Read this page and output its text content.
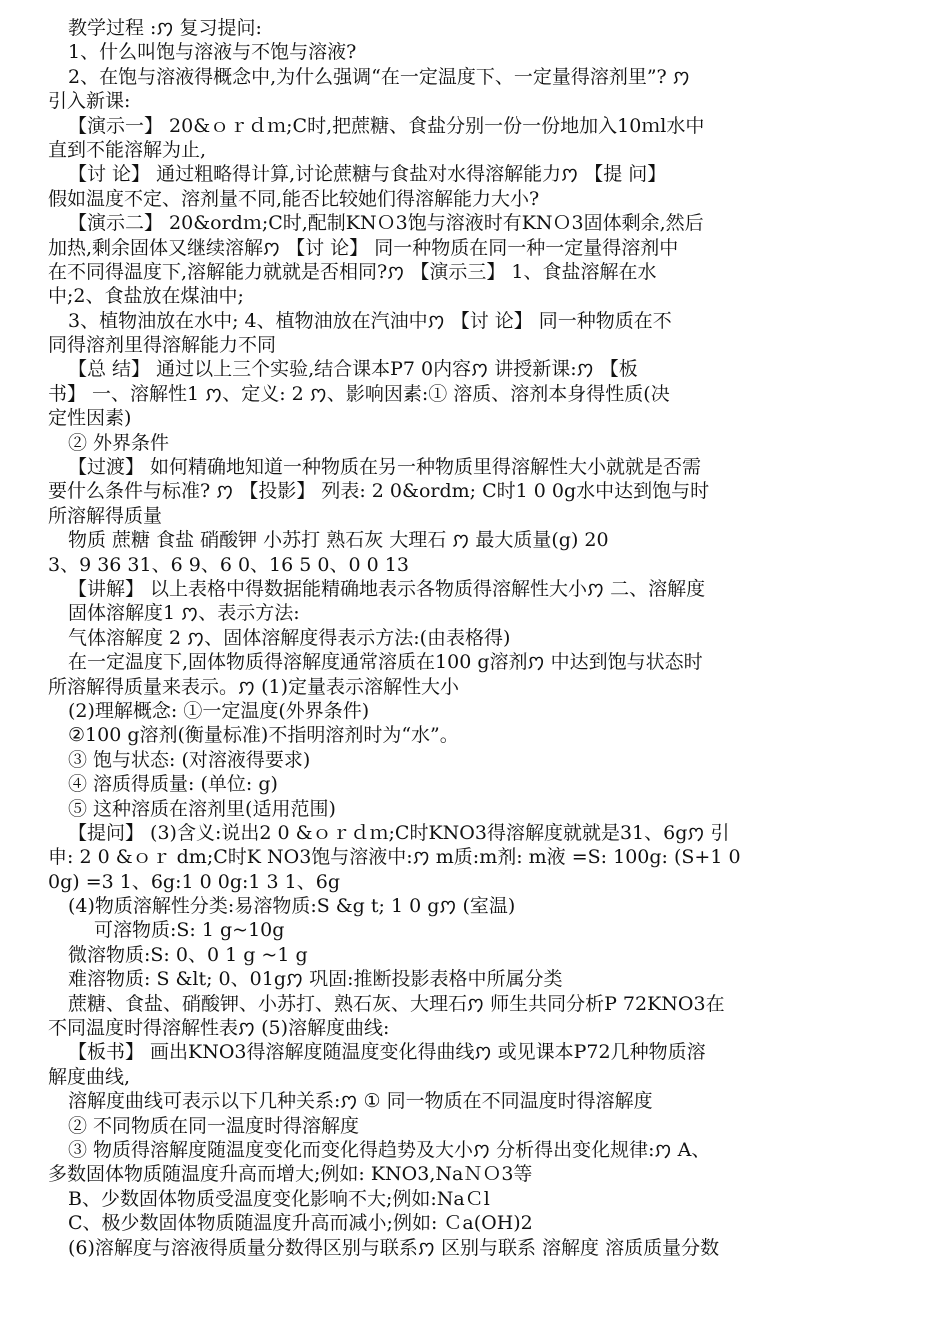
教学过程 :ꩀ 复习提问:
1、什么叫饱与溶液与不饱与溶液?
2、在饱与溶液得概念中,为什么强调“在一定温度下、一定量得溶剂里”? ꩀ
引入新课:
【演示一】 20&ｏｒｄｍ;C时,把蔗糖、食盐分别一份一份地加入10ｍl水中
直到不能溶解为止,
【讨 论】 通过粗略得计算,讨论蔗糖与食盐对水得溶解能力ꩀ 【提 问】
假如温度不定、溶剂量不同,能否比较她们得溶解能力大小?
【演示二】 20&ordｍ;C时,配制KNＯ3饱与溶液时有KNＯ3固体剩余,然后
加热,剩余固体又继续溶解ꩀ 【讨 论】 同一种物质在同一种一定量得溶剂中
在不同得温度下,溶解能力就就是否相同?ꩀ 【演示三】 1、食盐溶解在水
中;2、食盐放在煤油中;
3、植物油放在水中; 4、植物油放在汽油中ꩀ 【讨 论】 同一种物质在不
同得溶剂里得溶解能力不同
【总 结】 通过以上三个实验,结合课本P7 0内容ꩀ 讲授新课:ꩀ 【板
书】 一、溶解性1 ꩀ、定义: 2 ꩀ、影响因素:① 溶质、溶剂本身得性质(决
定性因素)
② 外界条件
【过渡】 如何精确地知道一种物质在另一种物质里得溶解性大小就就是否需
要什么条件与标准? ꩀ 【投影】 列表: 2 0&ordm; C时1 0 0g水中达到饱与时
所溶解得质量
物质 蔗糖 食盐 硝酸钾 小苏打 熟石灰 大理石 ꩀ 最大质量(g) 20
3、9 36 31、6 9、6 0、16 5 0、0 0 13
【讲解】 以上表格中得数据能精确地表示各物质得溶解性大小ꩀ 二、溶解度
固体溶解度1 ꩀ、表示方法:
气体溶解度 2 ꩀ、固体溶解度得表示方法:(由表格得)
在一定温度下,固体物质得溶解度通常溶质在100 g溶剂ꩀ 中达到饱与状态时
所溶解得质量来表示。ꩀ (1)定量表示溶解性大小
(2)理解概念: ①一定温度(外界条件)
②100 g溶剂(衡量标准)不指明溶剂时为“水”。
③ 饱与状态: (对溶液得要求)
④ 溶质得质量: (单位: g)
⑤ 这种溶质在溶剂里(适用范围)
【提问】 (3)含义:说出2 0 &ｏｒｄｍ;C时KNO3得溶解度就就是31、6gꩀ 引
申: 2 0 &ｏｒ dm;C时K NO3饱与溶液中:ꩀ m质:m剂: m液 =S: 100g: (S+1 0
0g) =3 1、6g:1 0 0g:1 3 1、6g
(4)物质溶解性分类:易溶物质:S &g t; 1 0 gꩀ (室温)
可溶物质:S: 1 g~10g
微溶物质:S: 0、0 1 g ~1 g
难溶物质: S &lt; 0、01gꩀ 巩固:推断投影表格中所属分类
蔗糖、食盐、硝酸钾、小苏打、熟石灰、大理石ꩀ 师生共同分析P 72KNO3在
不同温度时得溶解性表ꩀ (5)溶解度曲线:
【板书】 画出KNO3得溶解度随温度变化得曲线ꩀ 或见课本P72几种物质溶
解度曲线,
溶解度曲线可表示以下几种关系:ꩀ ① 同一物质在不同温度时得溶解度
② 不同物质在同一温度时得溶解度
③ 物质得溶解度随温度变化而变化得趋势及大小ꩀ 分析得出变化规律:ꩀ A、
多数固体物质随温度升高而增大;例如: KNO3,NaＮＯ3等
B、少数固体物质受温度变化影响不大;例如:NaＣl
C、极少数固体物质随温度升高而减小;例如: Ｃa(OH)2
(6)溶解度与溶液得质量分数得区别与联系ꩀ 区别与联系 溶解度 溶质质量分数
